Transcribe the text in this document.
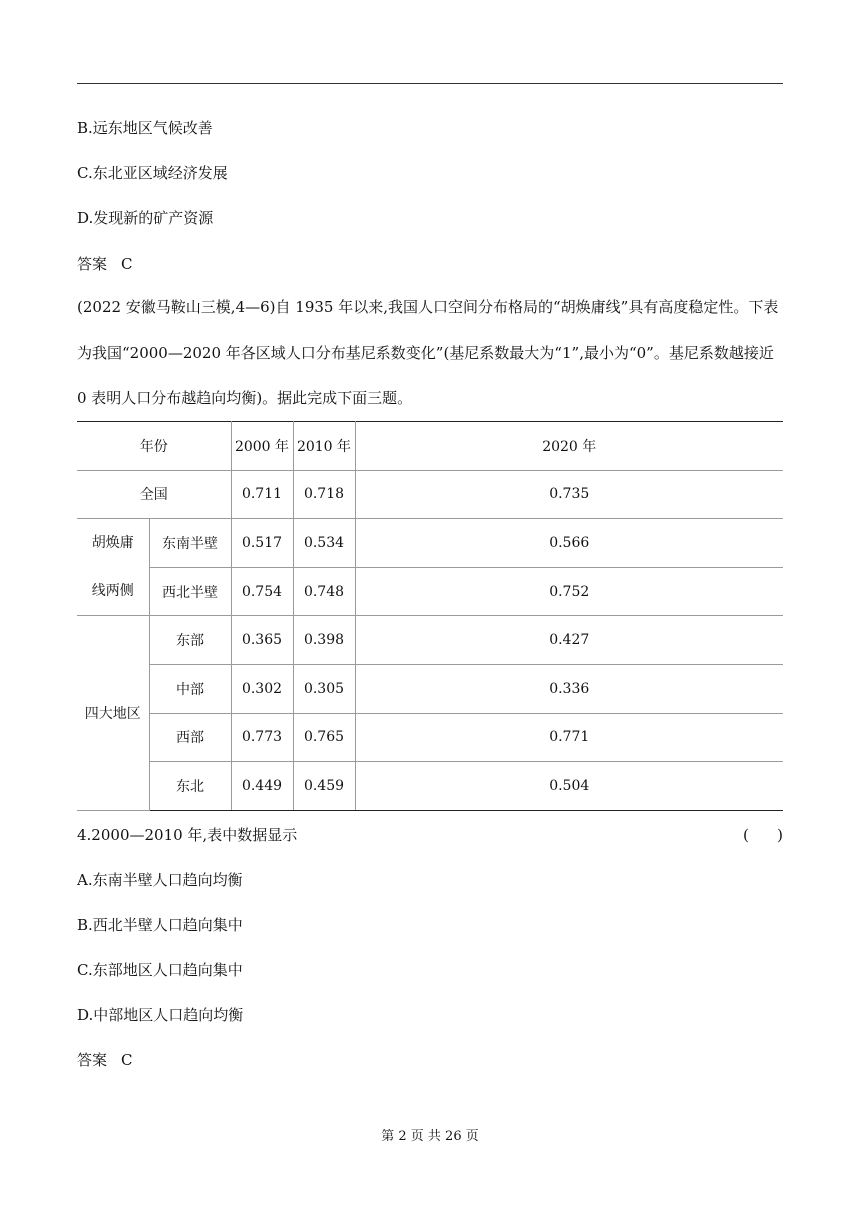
B.远东地区气候改善
C.东北亚区域经济发展
D.发现新的矿产资源
答案 C
(2022 安徽马鞍山三模,4—6)自 1935 年以来,我国人口空间分布格局的“胡焕庸线”具有高度稳定性。下表为我国“2000—2020 年各区域人口分布基尼系数变化”(基尼系数最大为“1”,最小为“0”。基尼系数越接近 0 表明人口分布越趋向均衡)。据此完成下面三题。
年份		2000 年	2010 年	2020 年
全国		0.711	0.718	0.735

胡焕庸
线两侧	东南半壁	0.517	0.534	0.566
	西北半壁	0.754	0.748	0.752
四大地区	东部	0.365	0.398	0.427
	中部	0.302	0.305	0.336
	西部	0.773	0.765	0.771
	东北	0.449	0.459	0.504
4.2000—2010 年,表中数据显示	( )
A.东南半壁人口趋向均衡
B.西北半壁人口趋向集中
C.东部地区人口趋向集中
D.中部地区人口趋向均衡
答案 C
第 2 页 共 26 页
